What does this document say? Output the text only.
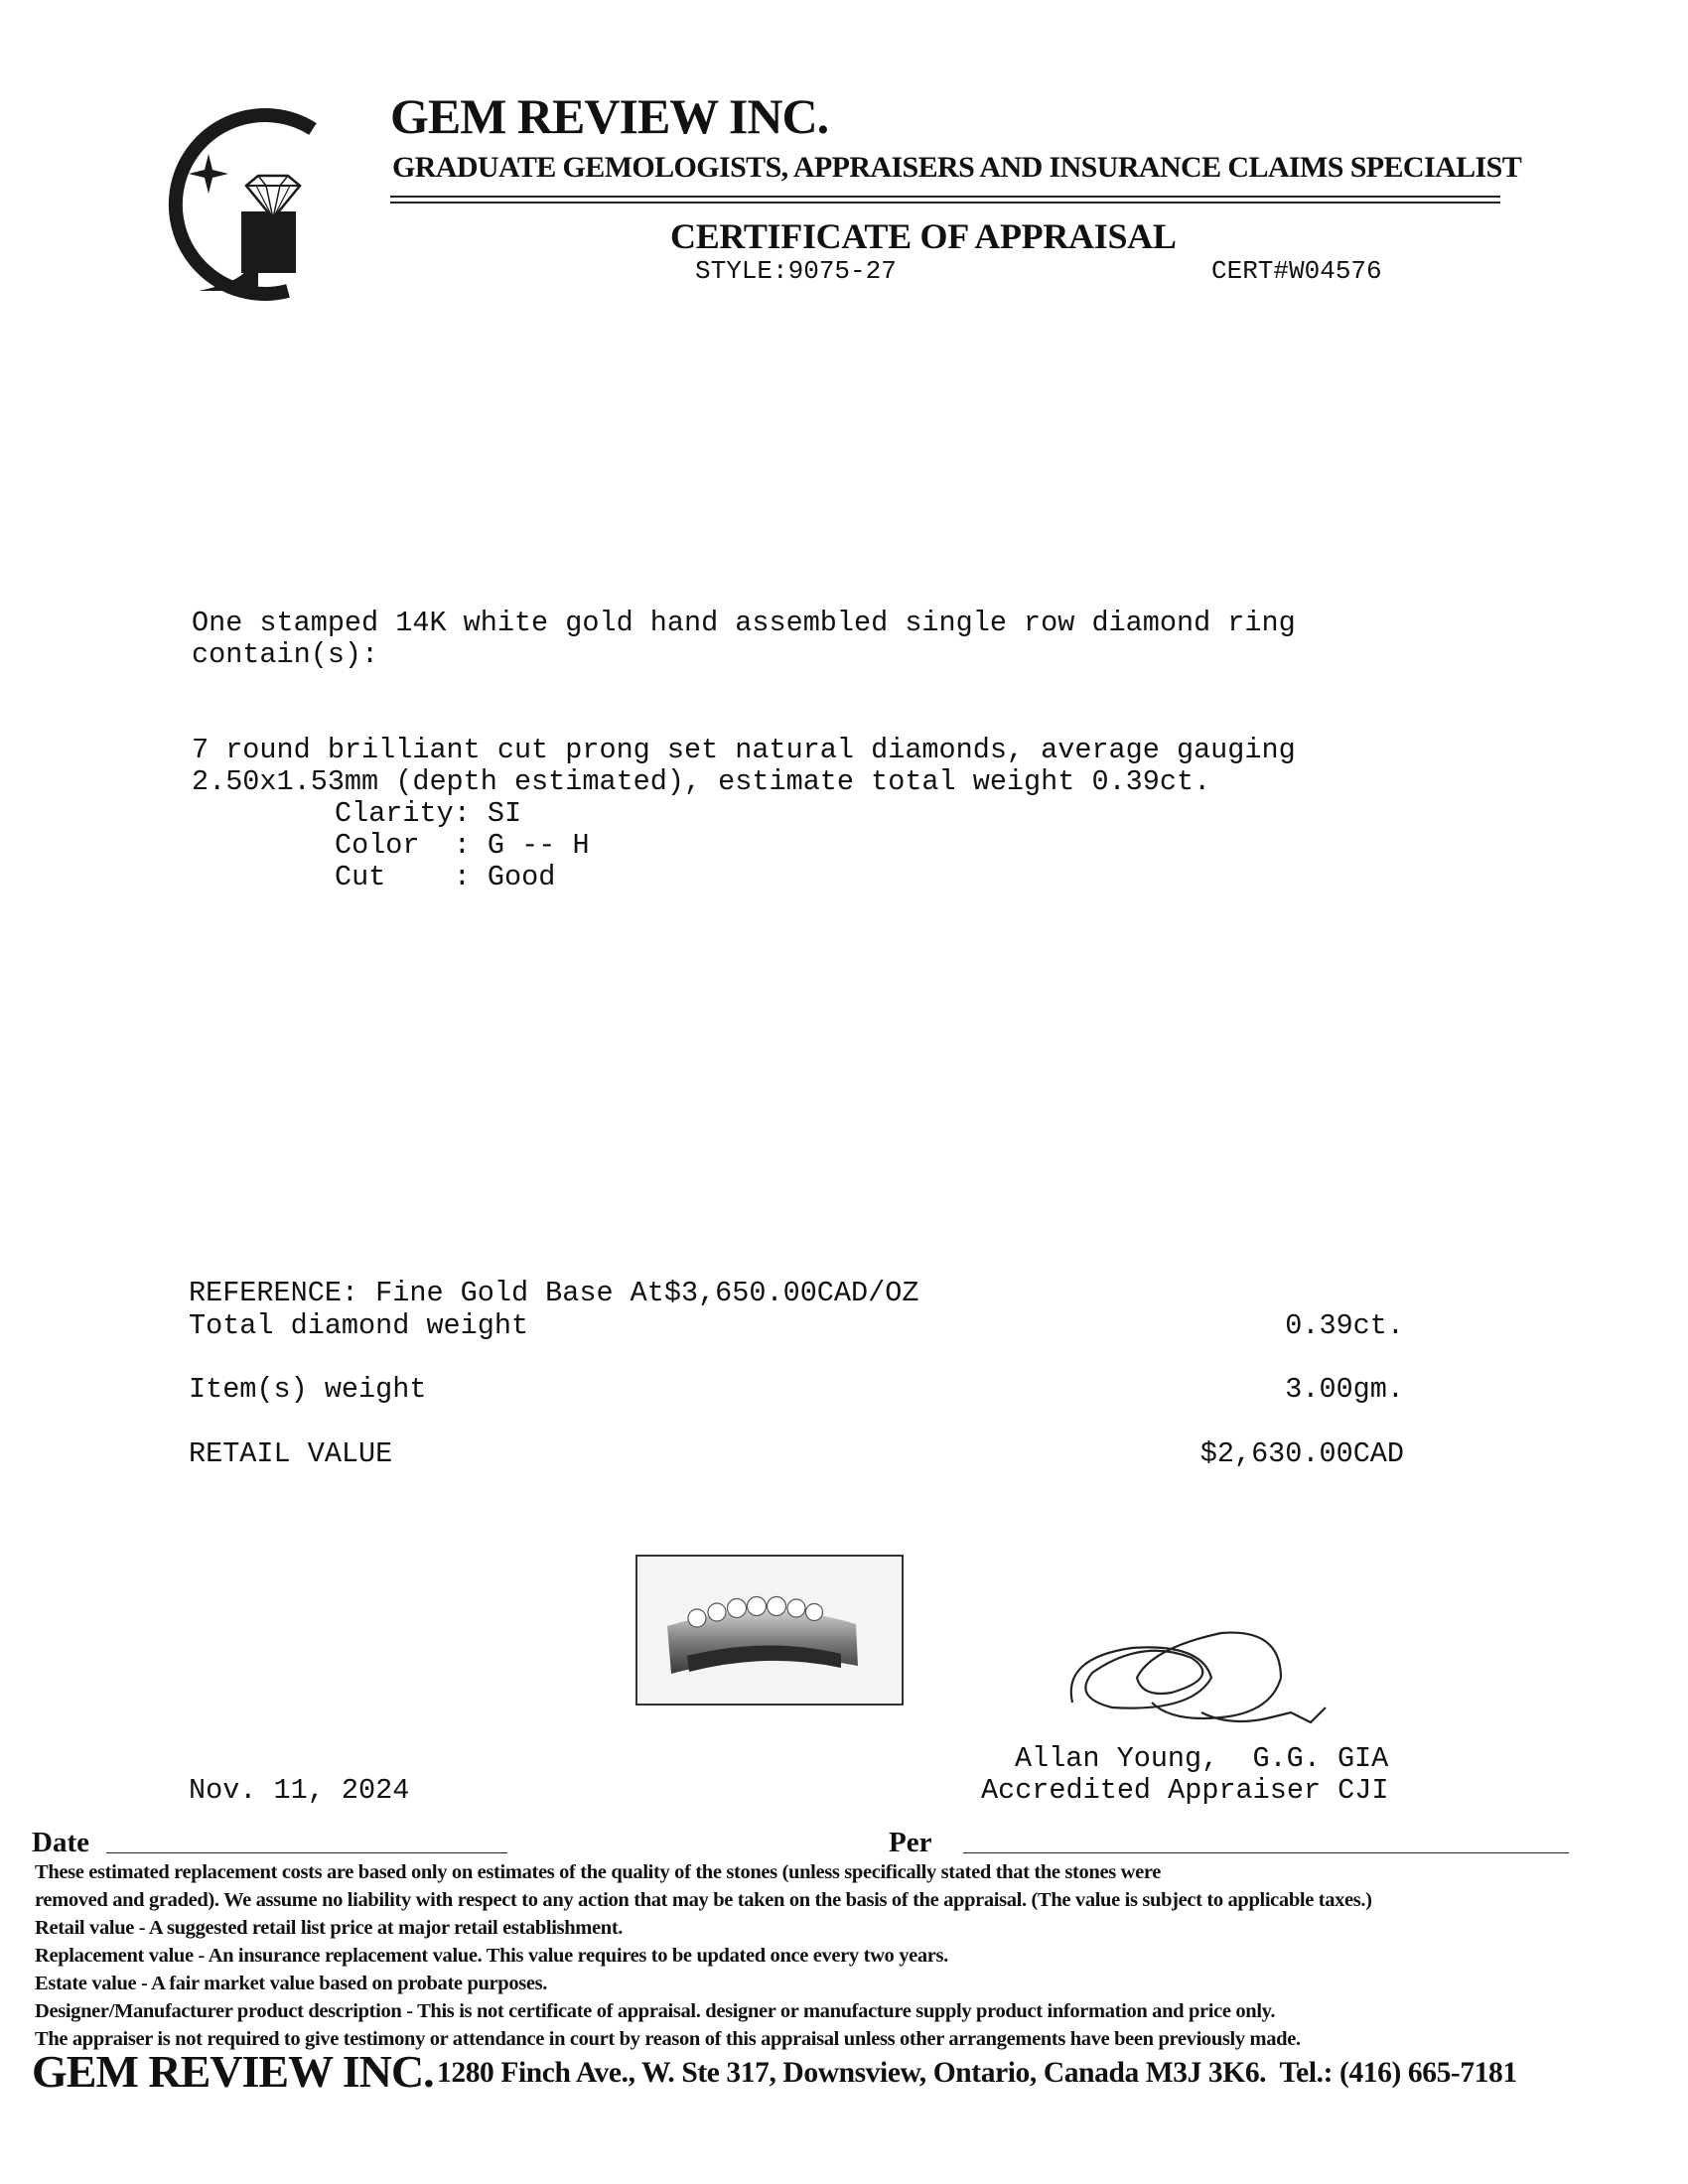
GEM REVIEW INC.
GRADUATE GEMOLOGISTS, APPRAISERS AND INSURANCE CLAIMS SPECIALIST
CERTIFICATE OF APPRAISAL
STYLE:9075-27	CERT#W04576
One stamped 14K white gold hand assembled single row diamond ring
contain(s):
7 round brilliant cut prong set natural diamonds, average gauging
2.50x1.53mm (depth estimated), estimate total weight 0.39ct.
Clarity: SI
Color  : G -- H
Cut    : Good
REFERENCE: Fine Gold Base At$3,650.00CAD/OZ
Total diamond weight	0.39ct.
Item(s) weight	3.00gm.
RETAIL VALUE	$2,630.00CAD
Nov. 11, 2024
Allan Young,  G.G. GIA
Accredited Appraiser CJI
Date	Per
These estimated replacement costs are based only on estimates of the quality of the stones (unless specifically stated that the stones were
removed and graded). We assume no liability with respect to any action that may be taken on the basis of the appraisal. (The value is subject to applicable taxes.)
Retail value - A suggested retail list price at major retail establishment.
Replacement value - An insurance replacement value. This value requires to be updated once every two years.
Estate value - A fair market value based on probate purposes.
Designer/Manufacturer product description - This is not certificate of appraisal. designer or manufacture supply product information and price only.
The appraiser is not required to give testimony or attendance in court by reason of this appraisal unless other arrangements have been previously made.
GEM REVIEW INC. 1280 Finch Ave., W. Ste 317, Downsview, Ontario, Canada M3J 3K6.  Tel.: (416) 665-7181
